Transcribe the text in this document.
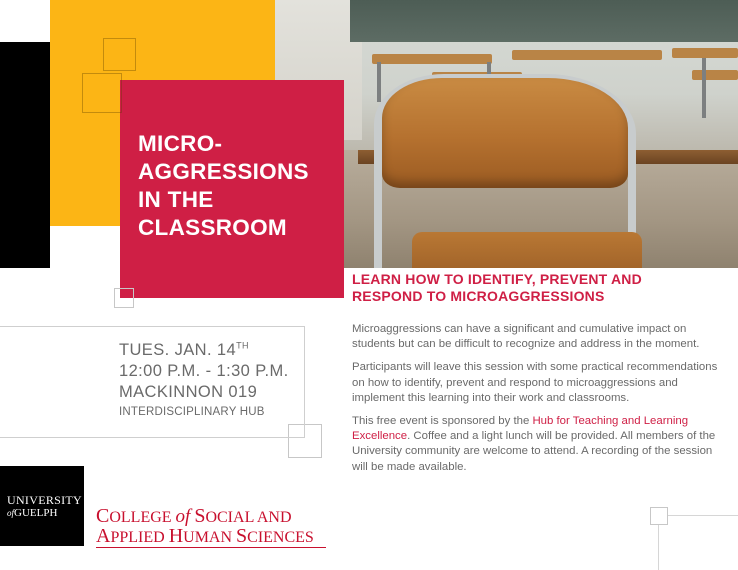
MICRO-
AGGRESSIONS
IN THE
CLASSROOM
LEARN HOW TO IDENTIFY, PREVENT AND
RESPOND TO MICROAGGRESSIONS
TUES. JAN. 14TH
12:00 P.M. - 1:30 P.M.
MACKINNON 019
INTERDISCIPLINARY HUB

Microaggressions can have a significant and cumulative impact on students but can be difficult to recognize and address in the moment.

Participants will leave this session with some practical recommendations on how to identify, prevent and respond to microaggressions and implement this learning into their work and classrooms.

This free event is sponsored by the Hub for Teaching and Learning Excellence. Coffee and a light lunch will be provided. All members of the University community are welcome to attend. A recording of the session will be made available.

UNIVERSITY
ofGUELPH COLLEGE of SOCIAL AND
APPLIED HUMAN SCIENCES
